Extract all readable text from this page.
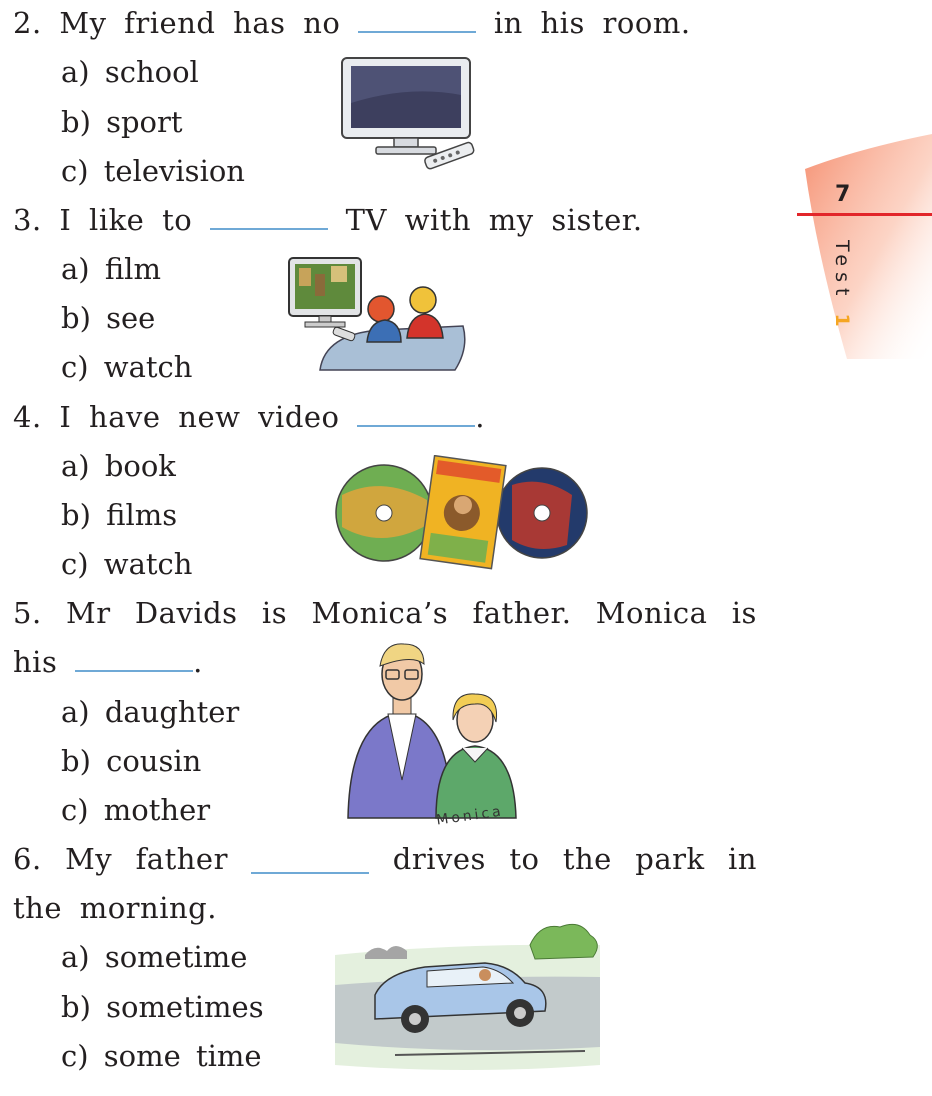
7
Test 1
2. My friend has no	in his room.
a) school
b) sport
c) television
3. I like to	TV with my sister.
a) film
b) see
c) watch
4. I have new video	.
a) book
b) films
c) watch
5. Mr Davids is Monica’s father. Monica is
his	.
a) daughter
b) cousin
c) mother	Monica
6. My father	drives to the park in
the morning.
a) sometime
b) sometimes
c) some time
